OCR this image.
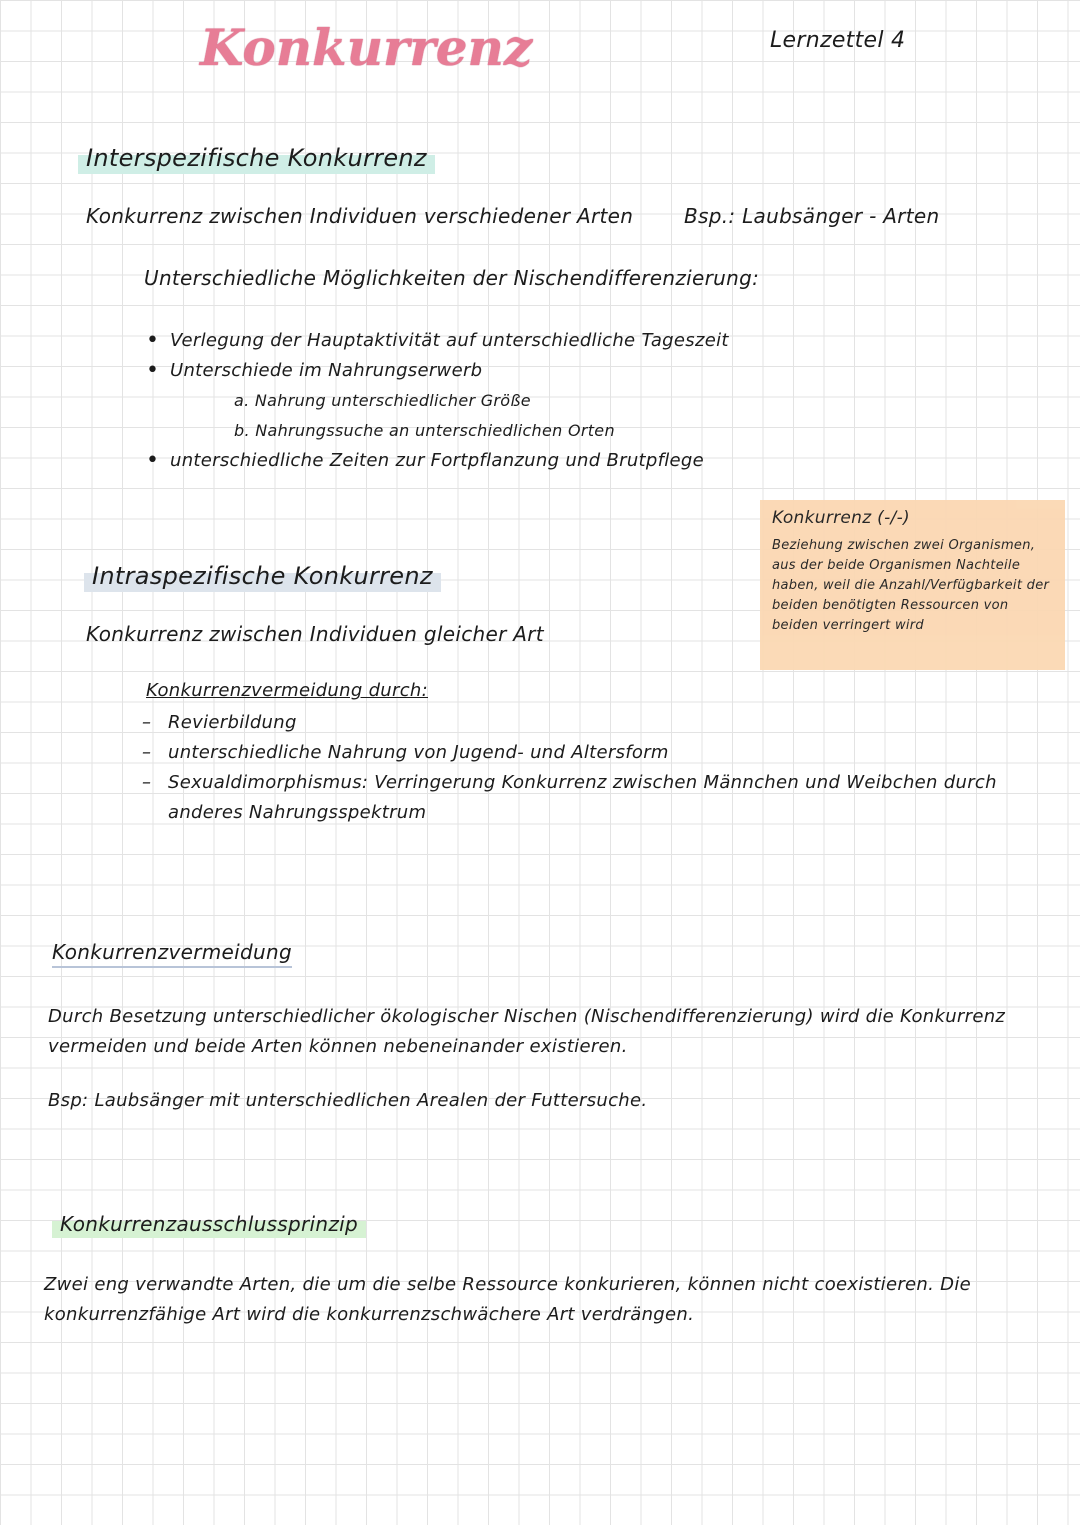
Konkurrenz	Lernzettel 4
Interspezifische Konkurrenz
Konkurrenz zwischen Individuen verschiedener Arten	Bsp.: Laubsänger - Arten
Unterschiedliche Möglichkeiten der Nischendifferenzierung:
• Verlegung der Hauptaktivität auf unterschiedliche Tageszeit
• Unterschiede im Nahrungserwerb
a. Nahrung unterschiedlicher Größe
b. Nahrungssuche an unterschiedlichen Orten
• unterschiedliche Zeiten zur Fortpflanzung und Brutpflege
Konkurrenz (-/-)
Beziehung zwischen zwei Organismen, aus der beide Organismen Nachteile haben, weil die Anzahl/Verfügbarkeit der beiden benötigten Ressourcen von beiden verringert wird
Intraspezifische Konkurrenz
Konkurrenz zwischen Individuen gleicher Art
Konkurrenzvermeidung durch:
– Revierbildung
– unterschiedliche Nahrung von Jugend- und Altersform
– Sexualdimorphismus: Verringerung Konkurrenz zwischen Männchen und Weibchen durch anderes Nahrungsspektrum
Konkurrenzvermeidung
Durch Besetzung unterschiedlicher ökologischer Nischen (Nischendifferenzierung) wird die Konkurrenz vermeiden und beide Arten können nebeneinander existieren.
Bsp: Laubsänger mit unterschiedlichen Arealen der Futtersuche.
Konkurrenzausschlussprinzip
Zwei eng verwandte Arten, die um die selbe Ressource konkurieren, können nicht coexistieren. Die konkurrenzfähige Art wird die konkurrenzschwächere Art verdrängen.
